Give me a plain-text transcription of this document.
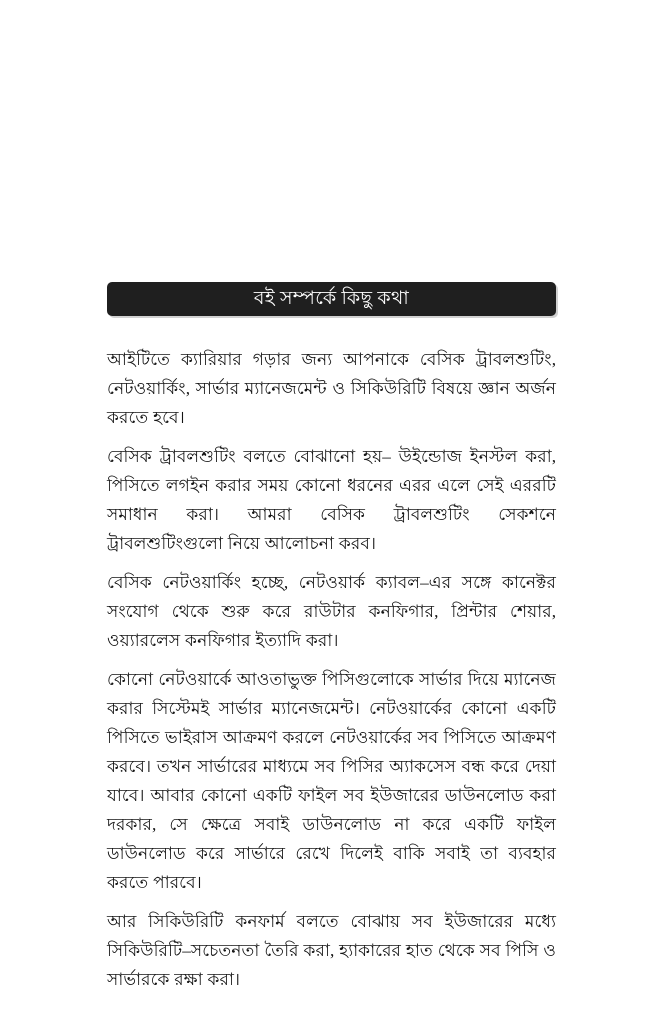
বই সম্পর্কে কিছু কথা
আইটিতে ক্যারিয়ার গড়ার জন্য আপনাকে বেসিক ট্রাবলশুটিং, নেটওয়ার্কিং, সার্ভার ম্যানেজমেন্ট ও সিকিউরিটি বিষয়ে জ্ঞান অর্জন করতে হবে।
বেসিক ট্রাবলশুটিং বলতে বোঝানো হয়– উইন্ডোজ ইনস্টল করা, পিসিতে লগইন করার সময় কোনো ধরনের এরর এলে সেই এররটি সমাধান করা। আমরা বেসিক ট্রাবলশুটিং সেকশনে ট্রাবলশুটিংগুলো নিয়ে আলোচনা করব।
বেসিক নেটওয়ার্কিং হচ্ছে, নেটওয়ার্ক ক্যাবল–এর সঙ্গে কানেক্টর সংযোগ থেকে শুরু করে রাউটার কনফিগার, প্রিন্টার শেয়ার, ওয়্যারলেস কনফিগার ইত্যাদি করা।
কোনো নেটওয়ার্কে আওতাভুক্ত পিসিগুলোকে সার্ভার দিয়ে ম্যানেজ করার সিস্টেমই সার্ভার ম্যানেজমেন্ট। নেটওয়ার্কের কোনো একটি পিসিতে ভাইরাস আক্রমণ করলে নেটওয়ার্কের সব পিসিতে আক্রমণ করবে। তখন সার্ভারের মাধ্যমে সব পিসির অ্যাকসেস বন্ধ করে দেয়া যাবে। আবার কোনো একটি ফাইল সব ইউজারের ডাউনলোড করা দরকার, সে ক্ষেত্রে সবাই ডাউনলোড না করে একটি ফাইল ডাউনলোড করে সার্ভারে রেখে দিলেই বাকি সবাই তা ব্যবহার করতে পারবে।
আর সিকিউরিটি কনফার্ম বলতে বোঝায় সব ইউজারের মধ্যে সিকিউরিটি–সচেতনতা তৈরি করা, হ্যাকারের হাত থেকে সব পিসি ও সার্ভারকে রক্ষা করা।
